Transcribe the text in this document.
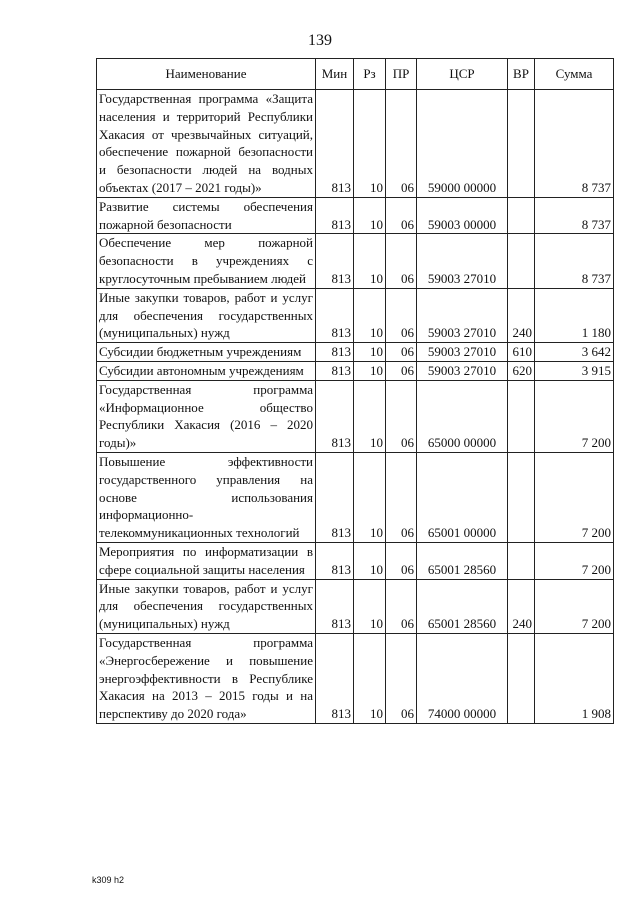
139
Наименование	Мин	Рз	ПР	ЦСР	ВР	Сумма
Государственная программа «Защита населения и территорий Республики Хакасия от чрезвычайных ситуаций, обеспечение пожарной безопасности и безопасности людей на водных объектах (2017 – 2021 годы)»	813	10	06	59000 00000		8 737
Развитие системы обеспечения пожарной безопасности	813	10	06	59003 00000		8 737
Обеспечение мер пожарной безопасности в учреждениях с круглосуточным пребыванием людей	813	10	06	59003 27010		8 737
Иные закупки товаров, работ и услуг для обеспечения государственных (муниципальных) нужд	813	10	06	59003 27010	240	1 180
Субсидии бюджетным учреждениям	813	10	06	59003 27010	610	3 642
Субсидии автономным учреждениям	813	10	06	59003 27010	620	3 915
Государственная программа «Информационное общество Республики Хакасия (2016 – 2020 годы)»	813	10	06	65000 00000		7 200
Повышение эффективности государственного управления на основе использования информационно-телекоммуникационных технологий	813	10	06	65001 00000		7 200
Мероприятия по информатизации в сфере социальной защиты населения	813	10	06	65001 28560		7 200
Иные закупки товаров, работ и услуг для обеспечения государственных (муниципальных) нужд	813	10	06	65001 28560	240	7 200
Государственная программа «Энергосбережение и повышение энергоэффективности в Республике Хакасия на 2013 – 2015 годы и на перспективу до 2020 года»	813	10	06	74000 00000		1 908
k309 h2
